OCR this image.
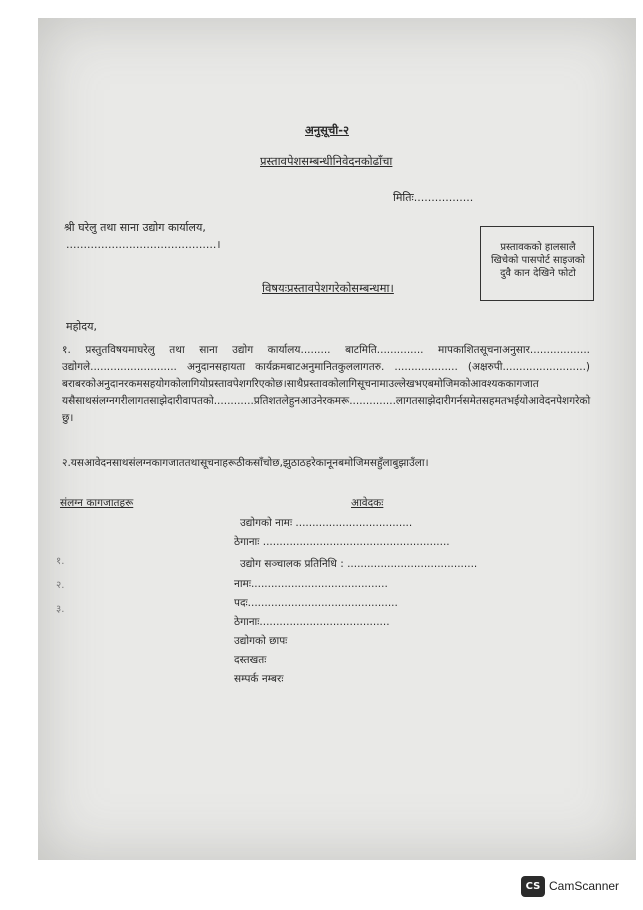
अनुसूची-२
प्रस्तावपेशसम्बन्धीनिवेदनकोढाँचा
मितिः.................
श्री घरेलु तथा साना उद्योग कार्यालय,
...........................................।	प्रस्तावकको हालसालै खिचेको पासपोर्ट साइजको दुवै कान देखिने फोटो
विषयःप्रस्तावपेशगरेकोसम्बन्धमा।
महोदय,
१. प्रस्तुतविषयमाघरेलु तथा साना उद्योग कार्यालय......... बाटमिति.............. मापकाशितसूचनाअनुसार.................. उद्योगले.......................... अनुदानसहायता कार्यक्रमबाटअनुमानितकुललागतरु. ................... (अक्षरुपी.........................) बराबरकोअनुदानरकमसहयोगकोलागियोप्रस्तावपेशगरिएकोछ।साथैप्रस्तावकोलागिसूचनामाउल्लेखभएबमोजिमकोआवश्यककागजात यसैसाथसंलग्नगरीलागतसाझेदारीवापतको............प्रतिशतलेहुनआउनेरकमरू..............लागतसाझेदारीगर्नसमेतसहमतभईयोआवेदनपेशगरेको छु।
२.यसआवेदनसाथसंलग्नकागजाततथासूचनाहरूठीकसाँचोछ,झुठाठहरेकानूनबमोजिमसहुँलाबुझाउँला।
संलग्न कागजातहरू	आवेदकः
१.
२.
३.
उद्योगको नामः ...................................
ठेगानाः ........................................................
उद्योग सञ्चालक प्रतिनिधि : .......................................
नामः.........................................
पदः.............................................
ठेगानाः.......................................
उद्योगको छापः
दस्तखतः
सम्पर्क नम्बरः
CS CamScanner
